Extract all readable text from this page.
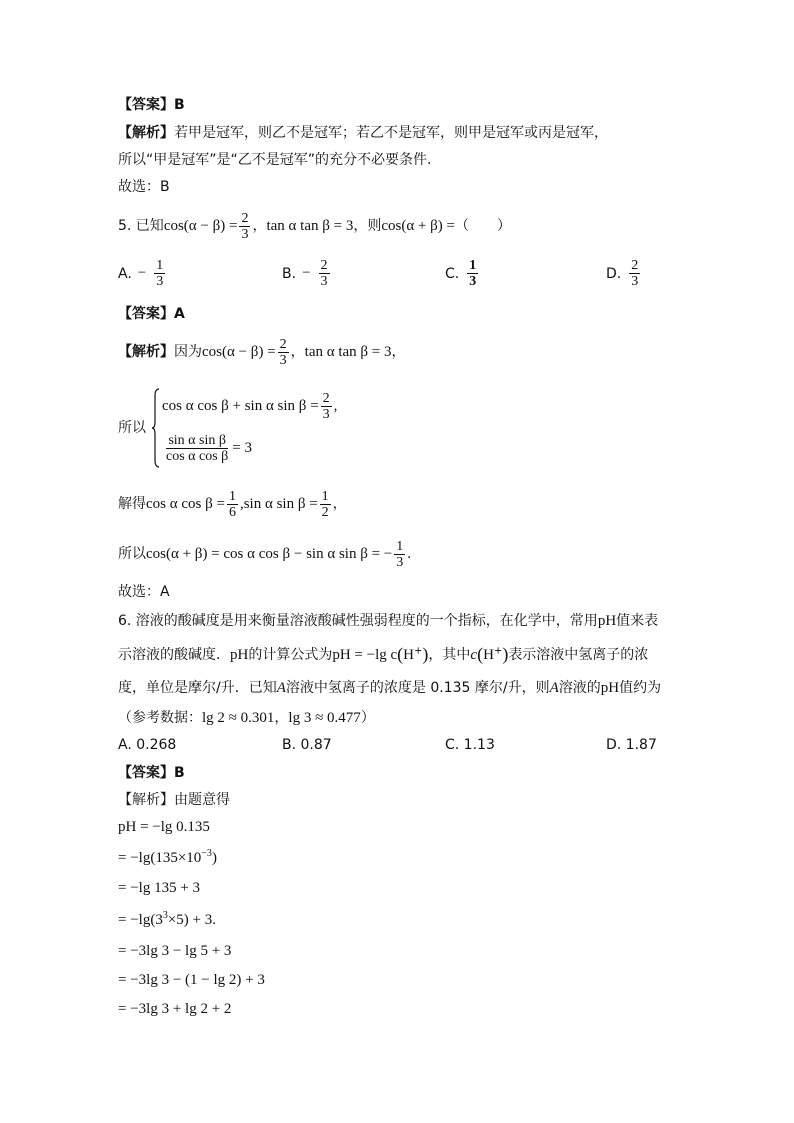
【答案】B
【解析】若甲是冠军，则乙不是冠军；若乙不是冠军，则甲是冠军或丙是冠军，
所以“甲是冠军”是“乙不是冠军”的充分不必要条件.
故选：B
5. 已知 $\cos(\alpha - \beta) = \frac{2}{3}$ ， tan α tan β = 3 ，则 cos(α + β) = （　　）
A. − $\frac{1}{3}$	B. − $\frac{2}{3}$	C. 1
3	D. 2
3
【答案】A
【解析】 因为 $\cos(\alpha - \beta) = \frac{2}{3}$ ， tan α tan β = 3 ，
所以
cos α cos β + sin α $\sin \beta = \frac{2}{3}$ ,
$\frac{\text{sin α sin β}}{\text{cos α cos β}} = 3$
解得 cos α $\cos \beta = \frac{1}{6} ,\sin$ α $\sin \beta = \frac{1}{2}$ ，
所以 cos(α + β) = cos α cos β − sin α sin β = − $\frac{1}{3}$ .
故选：A
6. 溶液的酸碱度是用来衡量溶液酸碱性强弱程度的一个指标，在化学中，常用pH值来表
示溶液的酸碱度．pH的计算公式为pH = −lg c(H+)，其中c(H+)表示溶液中氢离子的浓
度，单位是摩尔/升．已知A溶液中氢离子的浓度是 0.135 摩尔/升，则A溶液的pH值约为
（参考数据：lg 2 ≈ 0.301，lg 3 ≈ 0.477）
A. 0.268	B. 0.87	C. 1.13	D. 1.87
【答案】B
【解析】由题意得
pH = −lg 0.135
= $-\lg(135\times 10^{-3})$
= −lg 135 + 3
= $-\lg(3^3\times 5) + 3$.
= −3lg 3 − lg 5 + 3
= −3lg 3 − (1 − lg 2) + 3
= −3lg 3 + lg 2 + 2
